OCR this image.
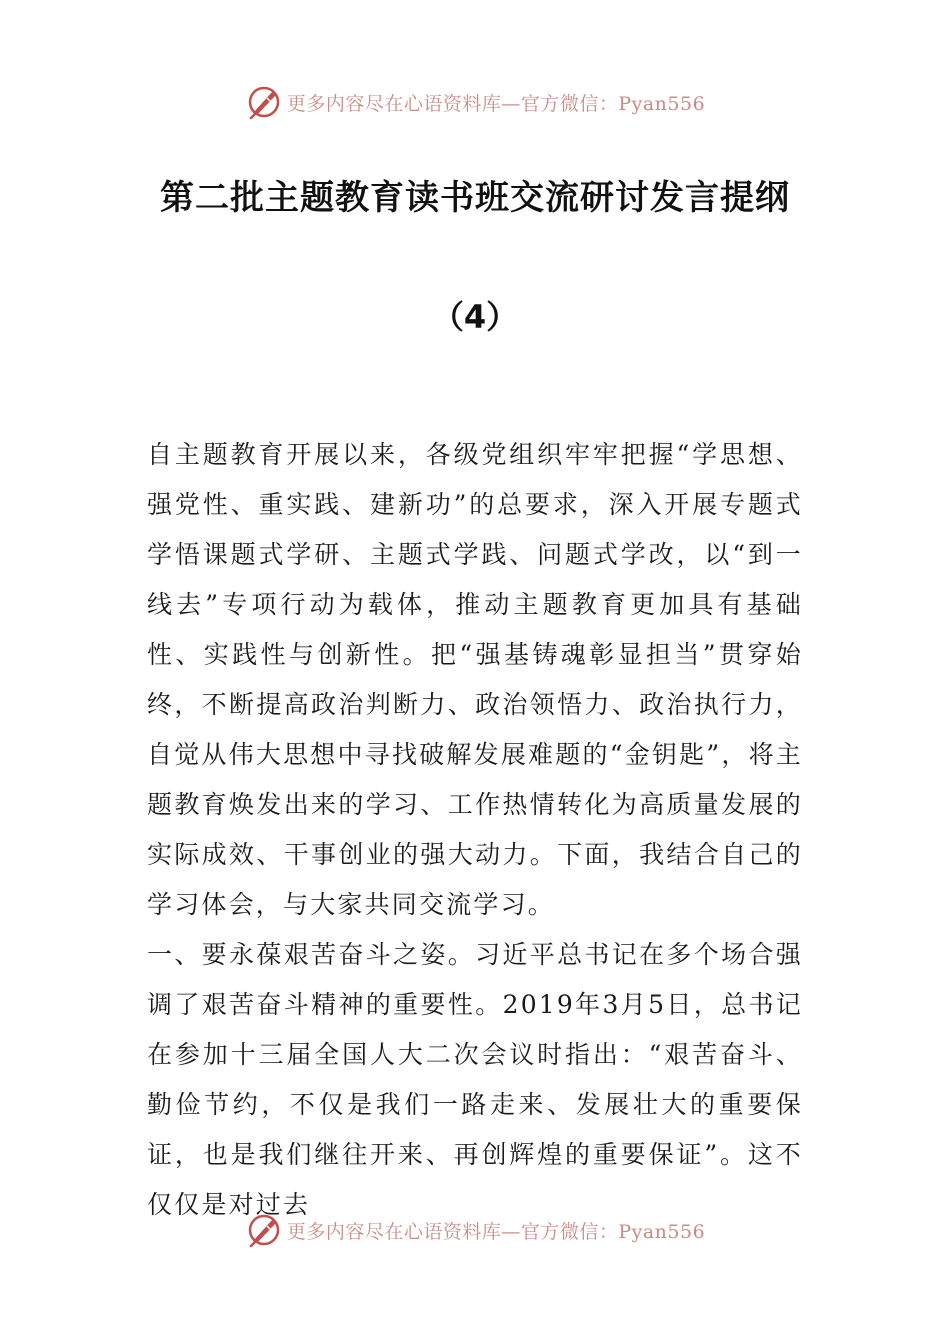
更多内容尽在心语资料库—官方微信：Pyan556
第二批主题教育读书班交流研讨发言提纲
（4）

自主题教育开展以来，各级党组织牢牢把握“学思想、强党性、重实践、建新功”的总要求，深入开展专题式学悟课题式学研、主题式学践、问题式学改，以“到一线去”专项行动为载体，推动主题教育更加具有基础性、实践性与创新性。把“强基铸魂彰显担当”贯穿始终，不断提高政治判断力、政治领悟力、政治执行力，自觉从伟大思想中寻找破解发展难题的“金钥匙”，将主题教育焕发出来的学习、工作热情转化为高质量发展的实际成效、干事创业的强大动力。下面，我结合自己的学习体会，与大家共同交流学习。

一、要永葆艰苦奋斗之姿。习近平总书记在多个场合强调了艰苦奋斗精神的重要性。2019年3月5日，总书记在参加十三届全国人大二次会议时指出：“艰苦奋斗、勤俭节约，不仅是我们一路走来、发展壮大的重要保证，也是我们继往开来、再创辉煌的重要保证”。这不仅仅是对过去

更多内容尽在心语资料库—官方微信：Pyan556
